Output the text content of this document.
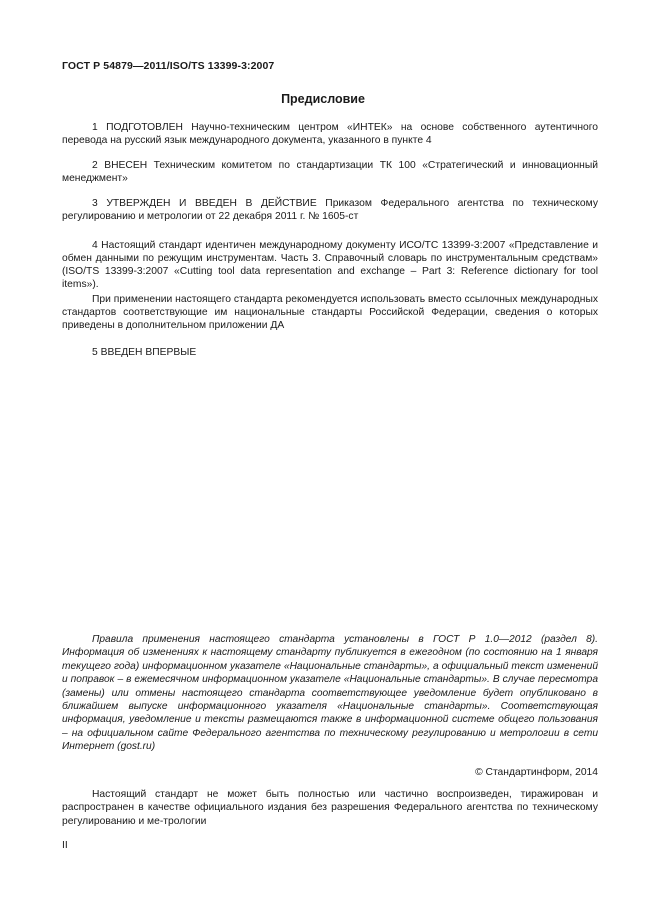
ГОСТ Р 54879—2011/ISO/TS 13399-3:2007
Предисловие

1 ПОДГОТОВЛЕН Научно-техническим центром «ИНТЕК» на основе собственного аутентичного перевода на русский язык международного документа, указанного в пункте 4

2 ВНЕСЕН Техническим комитетом по стандартизации ТК 100 «Стратегический и инновационный менеджмент»

3 УТВЕРЖДЕН И ВВЕДЕН В ДЕЙСТВИЕ Приказом Федерального агентства по техническому регулированию и метрологии от 22 декабря 2011 г. № 1605-ст

4 Настоящий стандарт идентичен международному документу ИСО/ТС 13399-3:2007 «Представление и обмен данными по режущим инструментам. Часть 3. Справочный словарь по инструментальным средствам» (ISO/TS 13399-3:2007 «Cutting tool data representation and exchange – Part 3: Reference dictionary for tool items»).

При применении настоящего стандарта рекомендуется использовать вместо ссылочных международных стандартов соответствующие им национальные стандарты Российской Федерации, сведения о которых приведены в дополнительном приложении ДА

5 ВВЕДЕН ВПЕРВЫЕ

Правила применения настоящего стандарта установлены в ГОСТ Р 1.0—2012 (раздел 8). Информация об изменениях к настоящему стандарту публикуется в ежегодном (по состоянию на 1 января текущего года) информационном указателе «Национальные стандарты», а официальный текст изменений и поправок – в ежемесячном информационном указателе «Национальные стандарты». В случае пересмотра (замены) или отмены настоящего стандарта соответствующее уведомление будет опубликовано в ближайшем выпуске информационного указателя «Национальные стандарты». Соответствующая информация, уведомление и тексты размещаются также в информационной системе общего пользования – на официальном сайте Федерального агентства по техническому регулированию и метрологии в сети Интернет (gost.ru)

© Стандартинформ, 2014

Настоящий стандарт не может быть полностью или частично воспроизведен, тиражирован и распространен в качестве официального издания без разрешения Федерального агентства по техническому регулированию и ме-трологии

II
